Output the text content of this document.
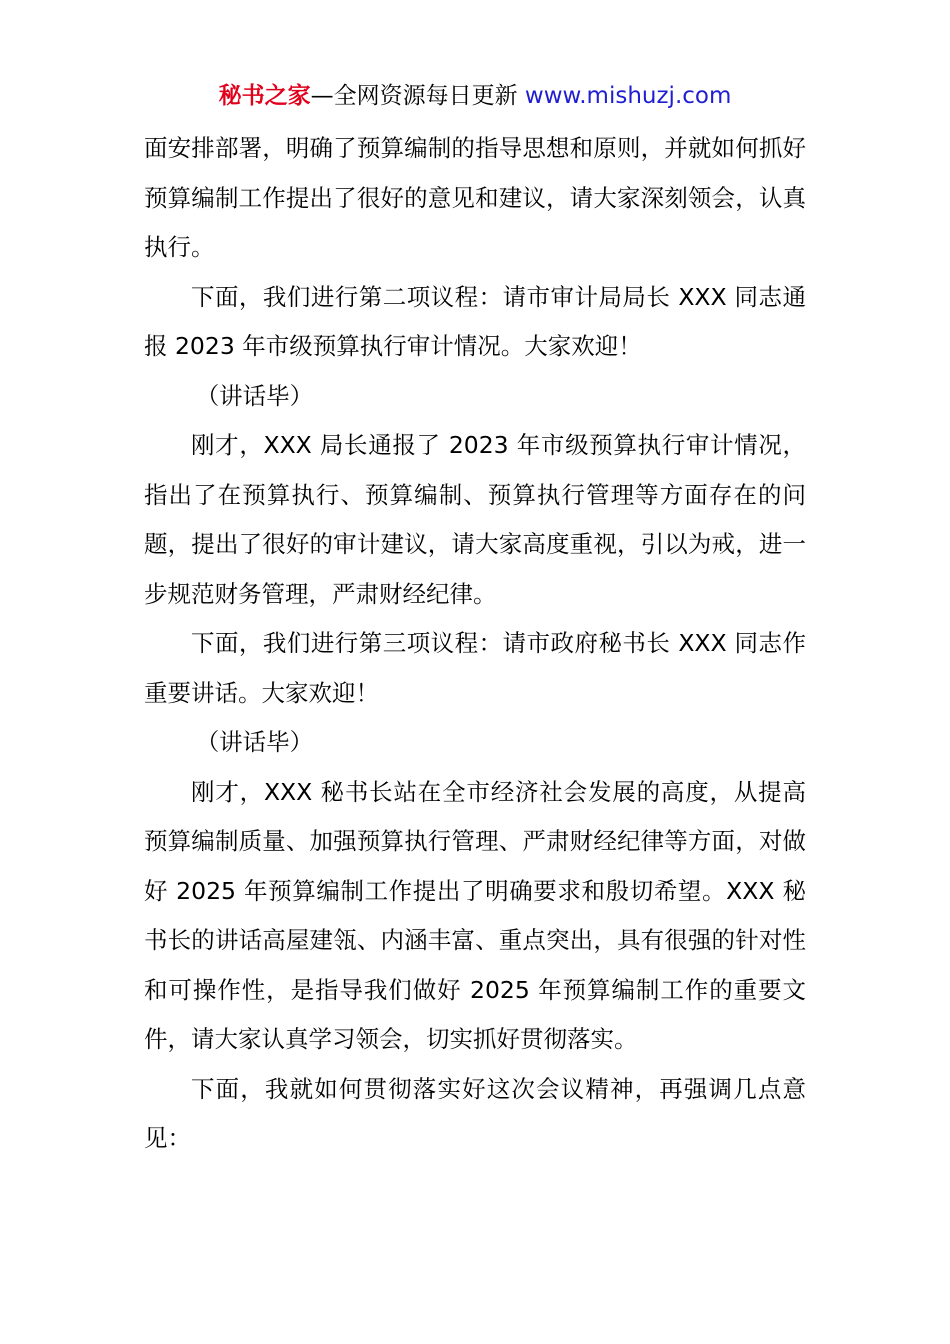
秘书之家—全网资源每日更新 www.mishuzj.com

面安排部署，明确了预算编制的指导思想和原则，并就如何抓好预算编制工作提出了很好的意见和建议，请大家深刻领会，认真执行。

下面，我们进行第二项议程：请市审计局局长 XXX 同志通报 2023 年市级预算执行审计情况。大家欢迎！

（讲话毕）

刚才，XXX 局长通报了 2023 年市级预算执行审计情况，指出了在预算执行、预算编制、预算执行管理等方面存在的问题，提出了很好的审计建议，请大家高度重视，引以为戒，进一步规范财务管理，严肃财经纪律。

下面，我们进行第三项议程：请市政府秘书长 XXX 同志作重要讲话。大家欢迎！

（讲话毕）

刚才，XXX 秘书长站在全市经济社会发展的高度，从提高预算编制质量、加强预算执行管理、严肃财经纪律等方面，对做好 2025 年预算编制工作提出了明确要求和殷切希望。XXX 秘书长的讲话高屋建瓴、内涵丰富、重点突出，具有很强的针对性和可操作性，是指导我们做好 2025 年预算编制工作的重要文件，请大家认真学习领会，切实抓好贯彻落实。

下面，我就如何贯彻落实好这次会议精神，再强调几点意见：
